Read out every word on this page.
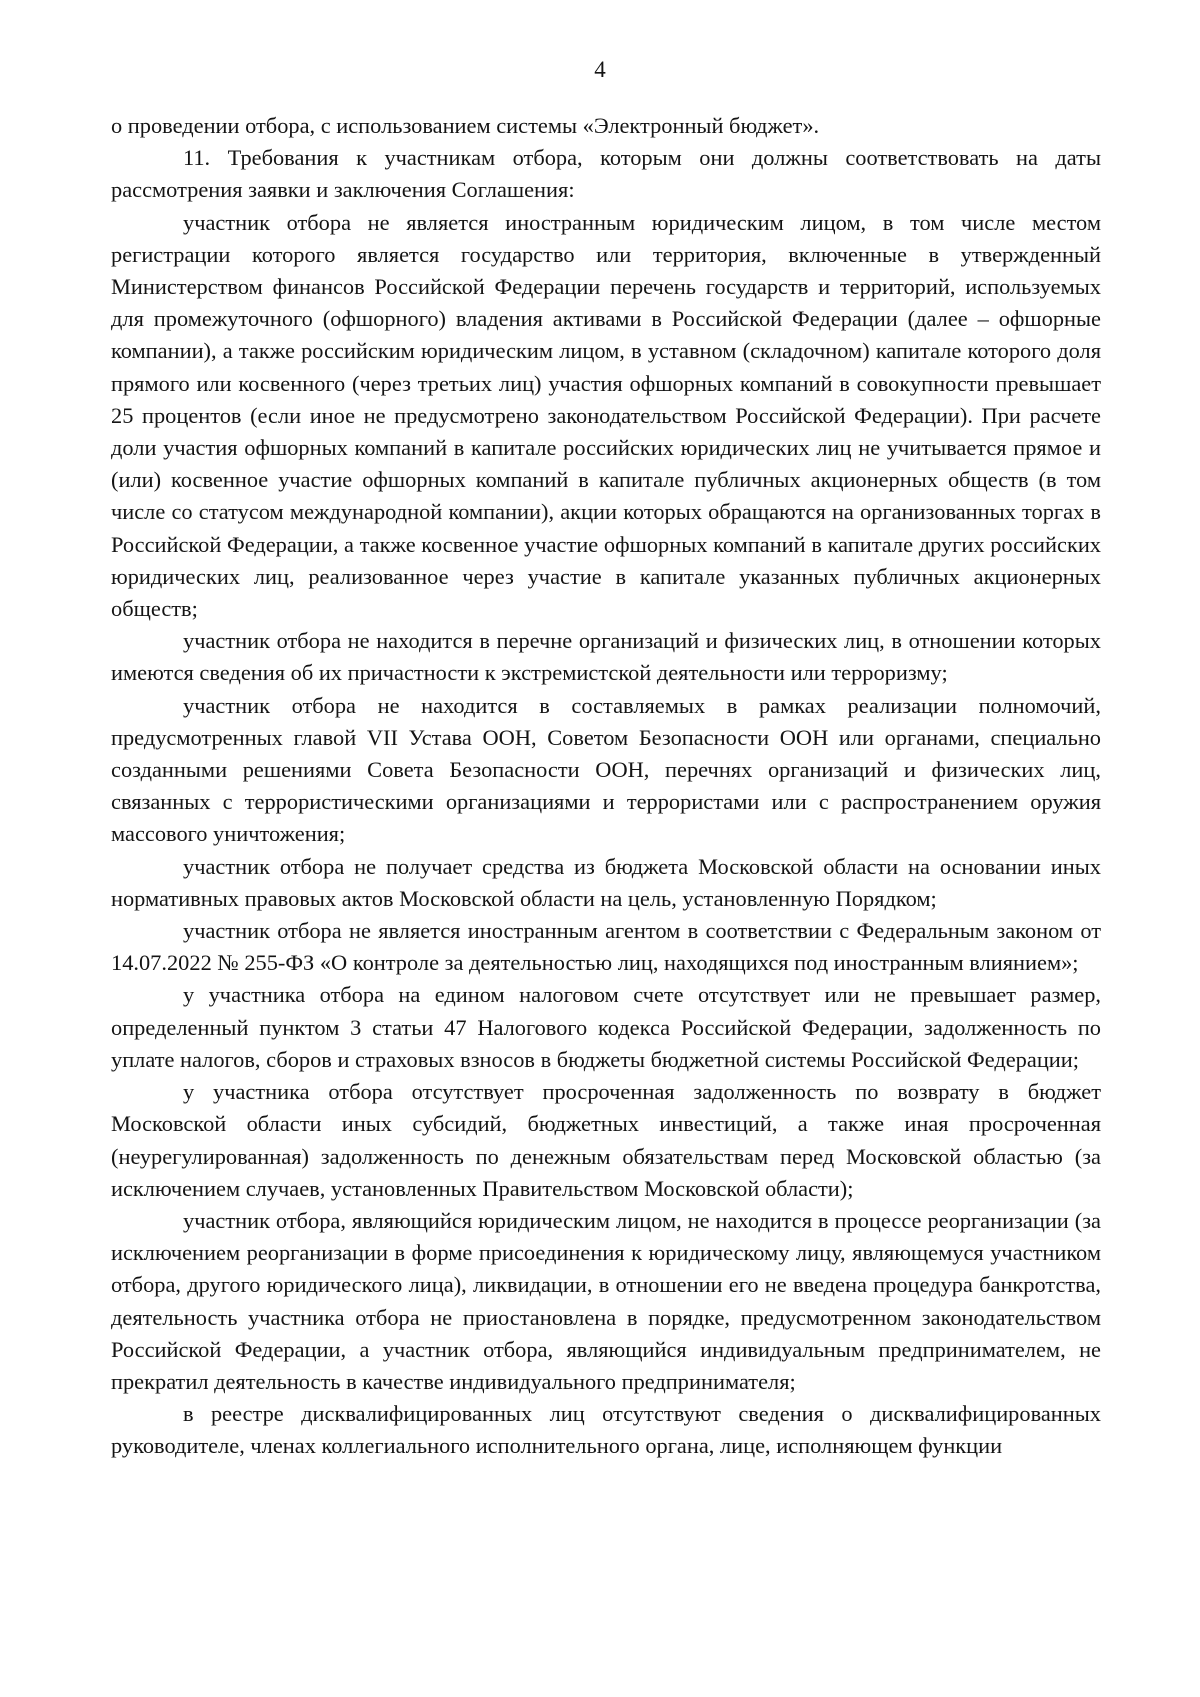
4

о проведении отбора, с использованием системы «Электронный бюджет».

11. Требования к участникам отбора, которым они должны соответствовать на даты рассмотрения заявки и заключения Соглашения:

участник отбора не является иностранным юридическим лицом, в том числе местом регистрации которого является государство или территория, включенные в утвержденный Министерством финансов Российской Федерации перечень государств и территорий, используемых для промежуточного (офшорного) владения активами в Российской Федерации (далее – офшорные компании), а также российским юридическим лицом, в уставном (складочном) капитале которого доля прямого или косвенного (через третьих лиц) участия офшорных компаний в совокупности превышает 25 процентов (если иное не предусмотрено законодательством Российской Федерации). При расчете доли участия офшорных компаний в капитале российских юридических лиц не учитывается прямое и (или) косвенное участие офшорных компаний в капитале публичных акционерных обществ (в том числе со статусом международной компании), акции которых обращаются на организованных торгах в Российской Федерации, а также косвенное участие офшорных компаний в капитале других российских юридических лиц, реализованное через участие в капитале указанных публичных акционерных обществ;

участник отбора не находится в перечне организаций и физических лиц, в отношении которых имеются сведения об их причастности к экстремистской деятельности или терроризму;

участник отбора не находится в составляемых в рамках реализации полномочий, предусмотренных главой VII Устава ООН, Советом Безопасности ООН или органами, специально созданными решениями Совета Безопасности ООН, перечнях организаций и физических лиц, связанных с террористическими организациями и террористами или с распространением оружия массового уничтожения;

участник отбора не получает средства из бюджета Московской области на основании иных нормативных правовых актов Московской области на цель, установленную Порядком;

участник отбора не является иностранным агентом в соответствии с Федеральным законом от 14.07.2022 № 255-ФЗ «О контроле за деятельностью лиц, находящихся под иностранным влиянием»;

у участника отбора на едином налоговом счете отсутствует или не превышает размер, определенный пунктом 3 статьи 47 Налогового кодекса Российской Федерации, задолженность по уплате налогов, сборов и страховых взносов в бюджеты бюджетной системы Российской Федерации;

у участника отбора отсутствует просроченная задолженность по возврату в бюджет Московской области иных субсидий, бюджетных инвестиций, а также иная просроченная (неурегулированная) задолженность по денежным обязательствам перед Московской областью (за исключением случаев, установленных Правительством Московской области);

участник отбора, являющийся юридическим лицом, не находится в процессе реорганизации (за исключением реорганизации в форме присоединения к юридическому лицу, являющемуся участником отбора, другого юридического лица), ликвидации, в отношении его не введена процедура банкротства, деятельность участника отбора не приостановлена в порядке, предусмотренном законодательством Российской Федерации, а участник отбора, являющийся индивидуальным предпринимателем, не прекратил деятельность в качестве индивидуального предпринимателя;

в реестре дисквалифицированных лиц отсутствуют сведения о дисквалифицированных руководителе, членах коллегиального исполнительного органа, лице, исполняющем функции
